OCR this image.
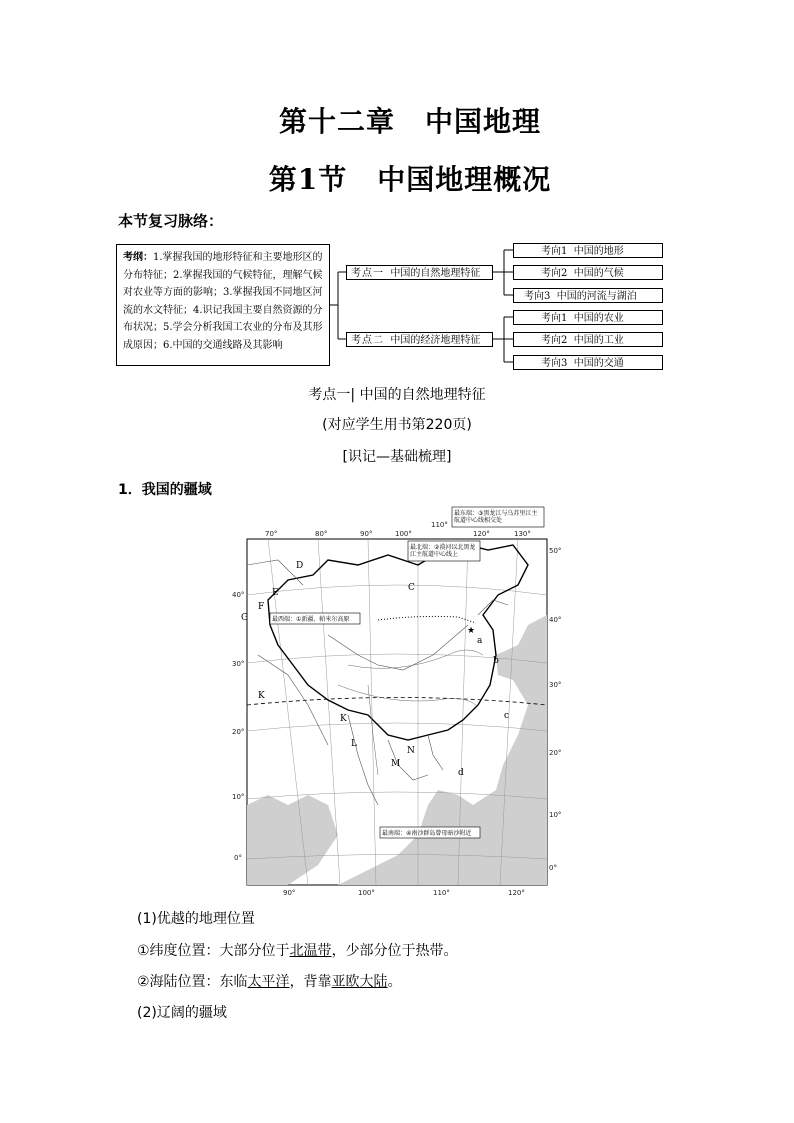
第十二章 中国地理
第1节 中国地理概况
本节复习脉络：
考纲：1.掌握我国的地形特征和主要地形区的分布特征；2.掌握我国的气候特征，理解气候对农业等方面的影响；3.掌握我国不同地区河流的水文特征；4.识记我国主要自然资源的分布状况；5.学会分析我国工农业的分布及其形成原因；6.中国的交通线路及其影响
考点一 中国的自然地理特征
考向1 中国的地形
考向2 中国的气候
考向3 中国的河流与湖泊
考点二 中国的经济地理特征
考向1 中国的农业
考向2 中国的工业
考向3 中国的交通
考点一| 中国的自然地理特征
(对应学生用书第220页)
[识记—基础梳理]
1．我国的疆域
★
70°	80°	90°	100°
110°
120°	130°
90°	100°	110°	120°
50°
40°
30°
20°
10°
0°
40°
30°
20°
10°
0°
D
E
F
G
C
a
b
c
d
K
K
L
N
M
最东端：③黑龙江与乌苏里江主航道中心线相交处
最北端：②漠河以北黑龙江主航道中心线上
最西端：①新疆、帕米尔高原
最南端：④南沙群岛曾母暗沙附近
(1)优越的地理位置
①纬度位置：大部分位于北温带，少部分位于热带。
②海陆位置：东临太平洋，背靠亚欧大陆。
(2)辽阔的疆域
